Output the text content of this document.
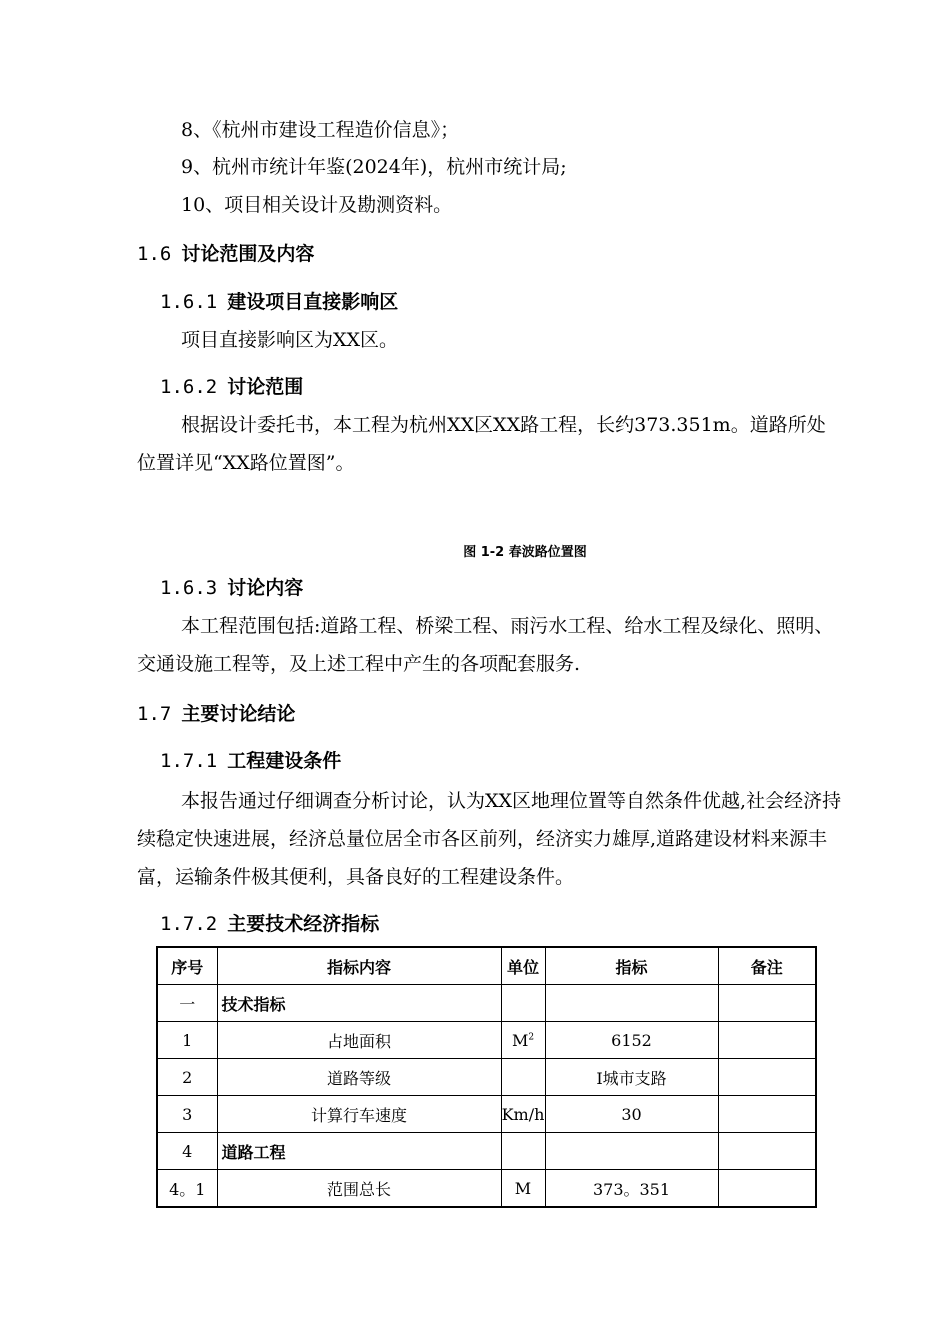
8、《杭州市建设工程造价信息》；
9、杭州市统计年鉴(2024年)，杭州市统计局;
10、项目相关设计及勘测资料。
1.6 讨论范围及内容
1.6.1 建设项目直接影响区
项目直接影响区为XX区。
1.6.2 讨论范围
根据设计委托书，本工程为杭州XX区XX路工程，长约373.351m。道路所处位置详见“XX路位置图”。
图 1-2 春波路位置图
1.6.3 讨论内容
本工程范围包括:道路工程、桥梁工程、雨污水工程、给水工程及绿化、照明、交通设施工程等，及上述工程中产生的各项配套服务.
1.7 主要讨论结论
1.7.1 工程建设条件
本报告通过仔细调查分析讨论，认为XX区地理位置等自然条件优越,社会经济持续稳定快速进展，经济总量位居全市各区前列，经济实力雄厚,道路建设材料来源丰富，运输条件极其便利，具备良好的工程建设条件。
1.7.2 主要技术经济指标
序号	指标内容	单位	指标	备注
一	技术指标			
1	占地面积	$M^2$	6152	
2	道路等级		Ⅰ城市支路	
3	计算行车速度	Km/h	30	
4	道路工程			
4。1	范围总长	M	373。351	
